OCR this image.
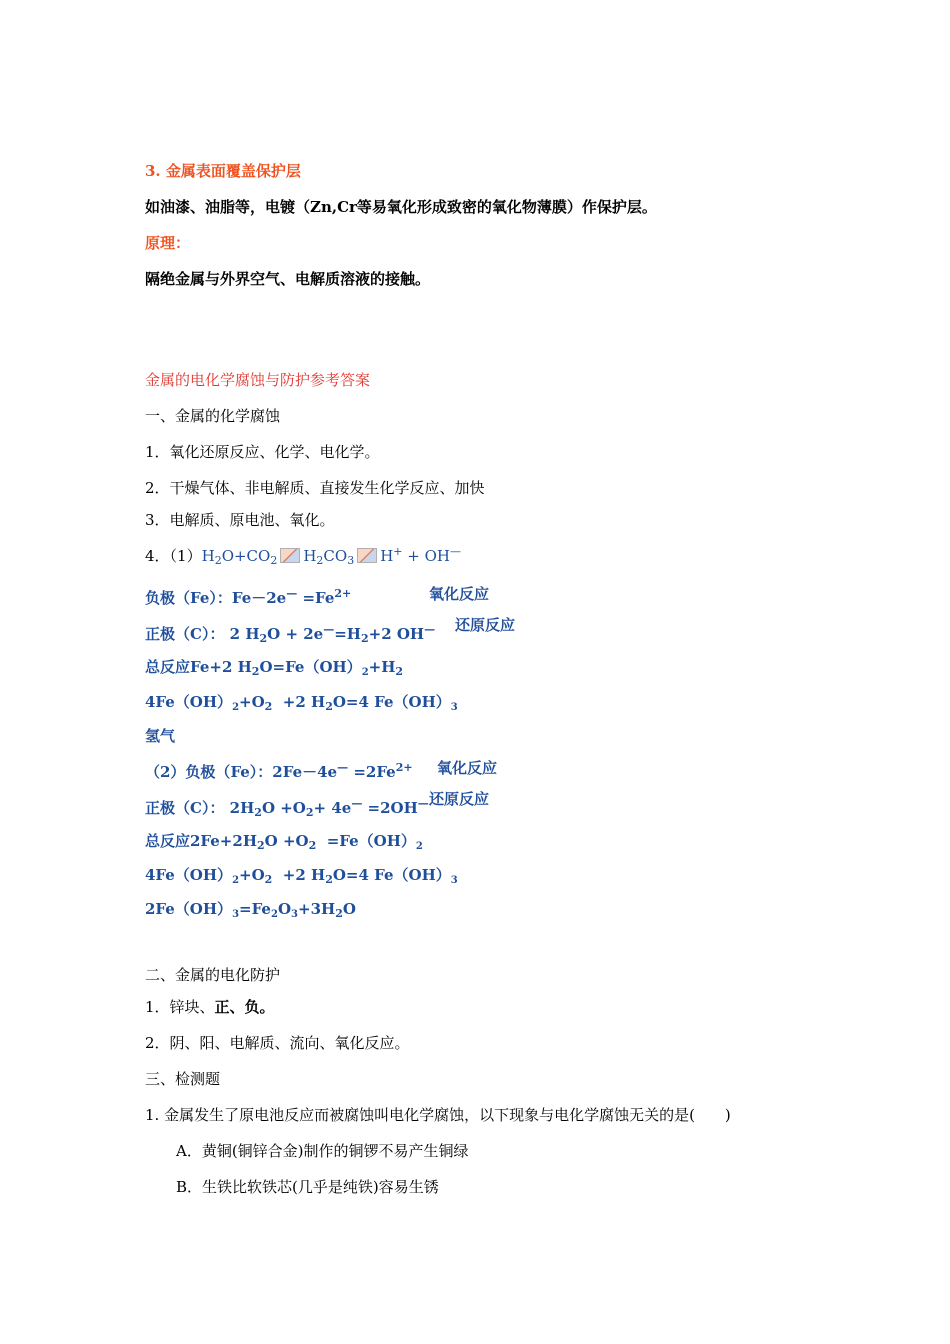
3. 金属表面覆盖保护层
如油漆、油脂等，电镀（Zn,Cr等易氧化形成致密的氧化物薄膜）作保护层。
原理：
隔绝金属与外界空气、电解质溶液的接触。
金属的电化学腐蚀与防护参考答案
一、金属的化学腐蚀
1．氧化还原反应、化学、电化学。
2．干燥气体、非电解质、直接发生化学反应、加快
3．电解质、原电池、氧化。
4．$(1)H_2O+CO_2$ $H_2CO_3$ H+ + OH—
负极（Fe）：$Fe-2e^— =Fe^{2+}$	氧化反应
正极（C）： 2 $H_2O + 2e^—=H_2+2$ OH— 还原反应
总反应Fe+2 $H_2O=Fe(OH)_2+H_2$
$4Fe(OH)_2+O_2 +2$ $H_2O=4$ $Fe(OH)_3$
氢气
（2）负极（Fe）：$2Fe-4e^— =2Fe^{2+}$ 氧化反应
正极（C）： $2H_2O +O_2+ 4e^— =2OH^—$ 还原反应
总反应$2Fe+2H_2O +O_2 =Fe(OH)_2$
$4Fe(OH)_2+O_2 +2$ $H_2O=4$ $Fe(OH)_3$
$2Fe(OH)_3=Fe_2O_3+3H_2O$
二、金属的电化防护
1．锌块、正、负。
2．阴、阳、电解质、流向、氧化反应。
三、检测题
1. 金属发生了原电池反应而被腐蚀叫电化学腐蚀，以下现象与电化学腐蚀无关的是(　　)
A．黄铜(铜锌合金)制作的铜锣不易产生铜绿
B．生铁比软铁芯(几乎是纯铁)容易生锈
